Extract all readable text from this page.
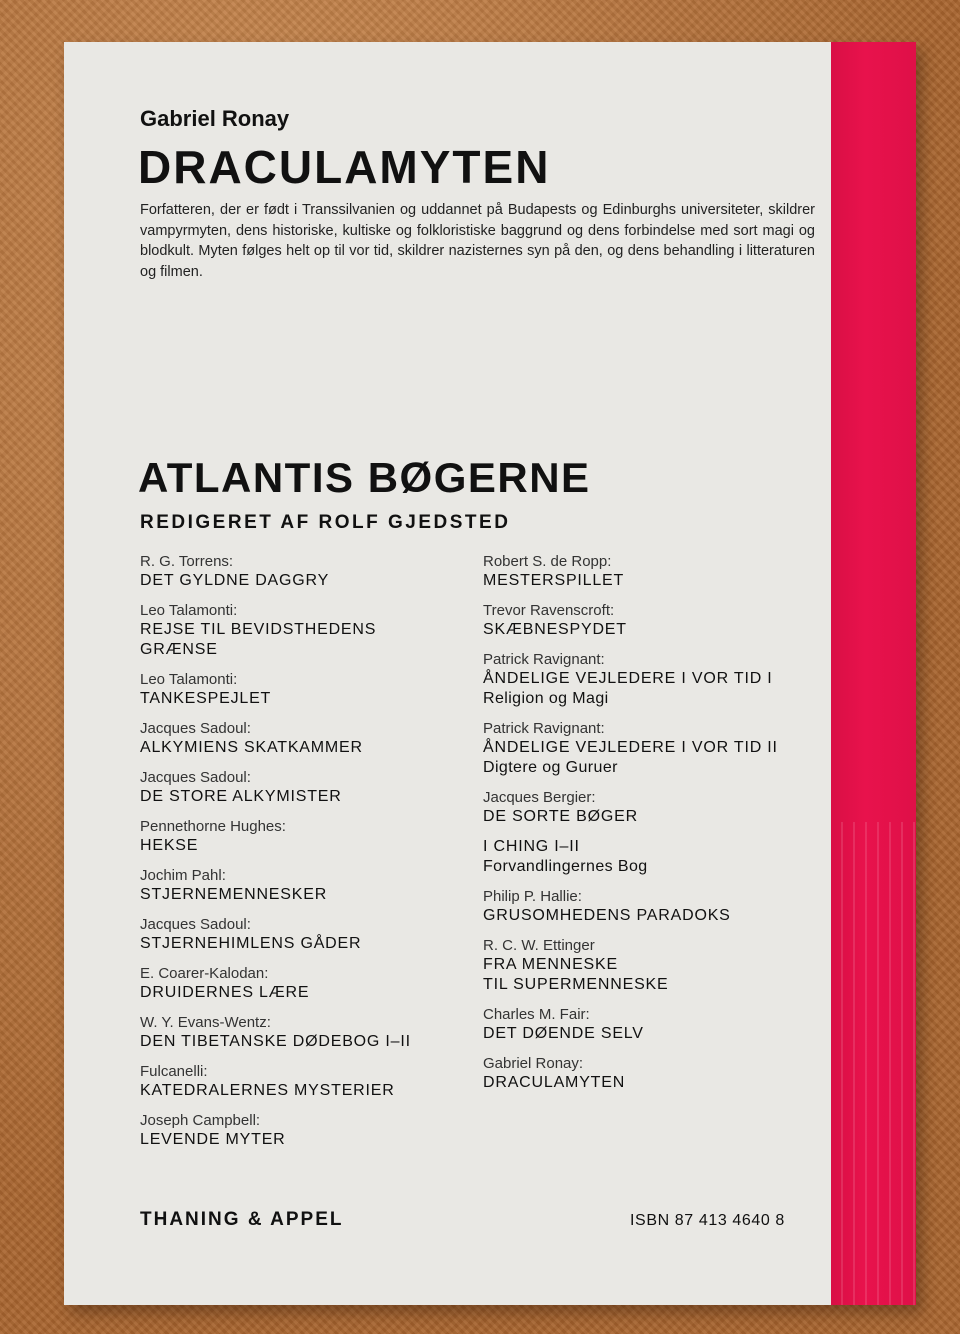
Gabriel Ronay
DRACULAMYTEN
Forfatteren, der er født i Transsilvanien og uddannet på Budapests og Edinburghs universiteter, skildrer vampyrmyten, dens historiske, kultiske og folkloristiske baggrund og dens forbindelse med sort magi og blodkult. Myten følges helt op til vor tid, skildrer nazisternes syn på den, og dens behandling i litteraturen og filmen.
ATLANTIS BØGERNE
REDIGERET AF ROLF GJEDSTED
R. G. Torrens:
DET GYLDNE DAGGRY
Leo Talamonti:
REJSE TIL BEVIDSTHEDENS
GRÆNSE
Leo Talamonti:
TANKESPEJLET
Jacques Sadoul:
ALKYMIENS SKATKAMMER
Jacques Sadoul:
DE STORE ALKYMISTER
Pennethorne Hughes:
HEKSE
Jochim Pahl:
STJERNEMENNESKER
Jacques Sadoul:
STJERNEHIMLENS GÅDER
E. Coarer-Kalodan:
DRUIDERNES LÆRE
W. Y. Evans-Wentz:
DEN TIBETANSKE DØDEBOG I–II
Fulcanelli:
KATEDRALERNES MYSTERIER
Joseph Campbell:
LEVENDE MYTER
Robert S. de Ropp:
MESTERSPILLET
Trevor Ravenscroft:
SKÆBNESPYDET
Patrick Ravignant:
ÅNDELIGE VEJLEDERE I VOR TID I
Religion og Magi
Patrick Ravignant:
ÅNDELIGE VEJLEDERE I VOR TID II
Digtere og Guruer
Jacques Bergier:
DE SORTE BØGER
I CHING I–II
Forvandlingernes Bog
Philip P. Hallie:
GRUSOMHEDENS PARADOKS
R. C. W. Ettinger
FRA MENNESKE
TIL SUPERMENNESKE
Charles M. Fair:
DET DØENDE SELV
Gabriel Ronay:
DRACULAMYTEN
THANING & APPEL	ISBN 87 413 4640 8
